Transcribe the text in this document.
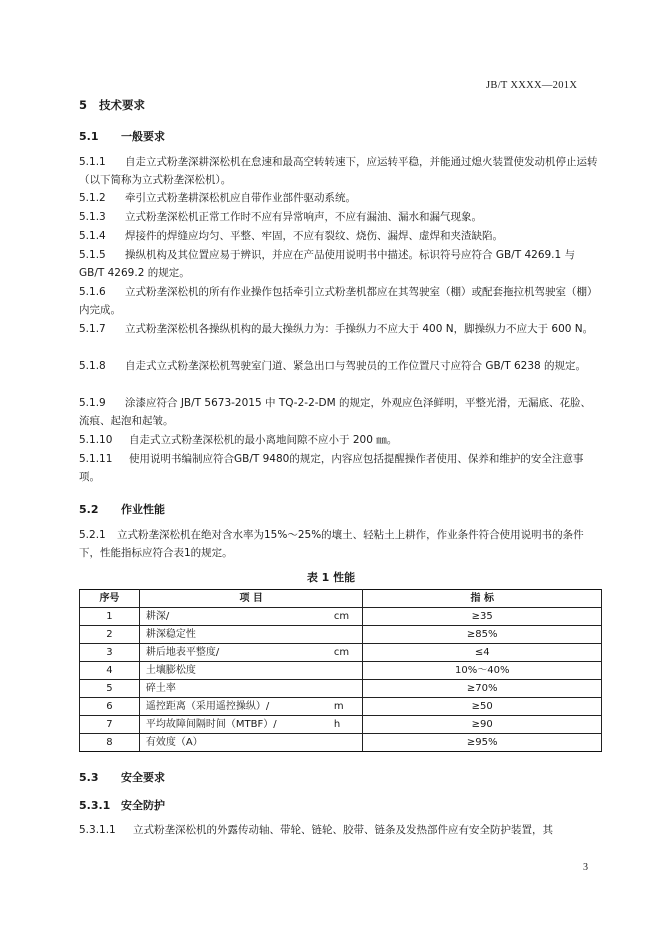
JB/T XXXX—201X
5 技术要求
5.1 一般要求
5.1.1 自走立式粉垄深耕深松机在怠速和最高空转转速下，应运转平稳，并能通过熄火装置使发动机停止运转（以下简称为立式粉垄深松机）。
5.1.2 牵引立式粉垄耕深松机应自带作业部件驱动系统。
5.1.3 立式粉垄深松机正常工作时不应有异常响声，不应有漏油、漏水和漏气现象。
5.1.4 焊接件的焊缝应均匀、平整、牢固，不应有裂纹、烧伤、漏焊、虚焊和夹渣缺陷。
5.1.5 操纵机构及其位置应易于辨识，并应在产品使用说明书中描述。标识符号应符合 GB/T 4269.1 与 GB/T 4269.2 的规定。
5.1.6 立式粉垄深松机的所有作业操作包括牵引立式粉垄机都应在其驾驶室（棚）或配套拖拉机驾驶室（棚）内完成。
5.1.7 立式粉垄深松机各操纵机构的最大操纵力为：手操纵力不应大于 400 N，脚操纵力不应大于 600 N。
5.1.8 自走式立式粉垄深松机驾驶室门道、紧急出口与驾驶员的工作位置尺寸应符合 GB/T 6238 的规定。
5.1.9 涂漆应符合 JB/T 5673-2015 中 TQ-2-2-DM 的规定，外观应色泽鲜明，平整光滑，无漏底、花脸、流痕、起泡和起皱。
5.1.10 自走式立式粉垄深松机的最小离地间隙不应小于 200 ㎜。
5.1.11 使用说明书编制应符合GB/T 9480的规定，内容应包括提醒操作者使用、保养和维护的安全注意事项。
5.2 作业性能
5.2.1 立式粉垄深松机在绝对含水率为15%～25%的壤土、轻粘土上耕作，作业条件符合使用说明书的条件下，性能指标应符合表1的规定。
表 1 性能
序号	项 目	指 标
1	耕深/ cm	≥35
2	耕深稳定性	≥85%
3	耕后地表平整度/ cm	≤4
4	土壤膨松度	10%～40%
5	碎土率	≥70%
6	遥控距离（采用遥控操纵）/ m	≥50
7	平均故障间隔时间（MTBF）/ h	≥90
8	有效度（A）	≥95%
5.3 安全要求
5.3.1 安全防护
5.3.1.1 立式粉垄深松机的外露传动轴、带轮、链轮、胶带、链条及发热部件应有安全防护装置，其
3
